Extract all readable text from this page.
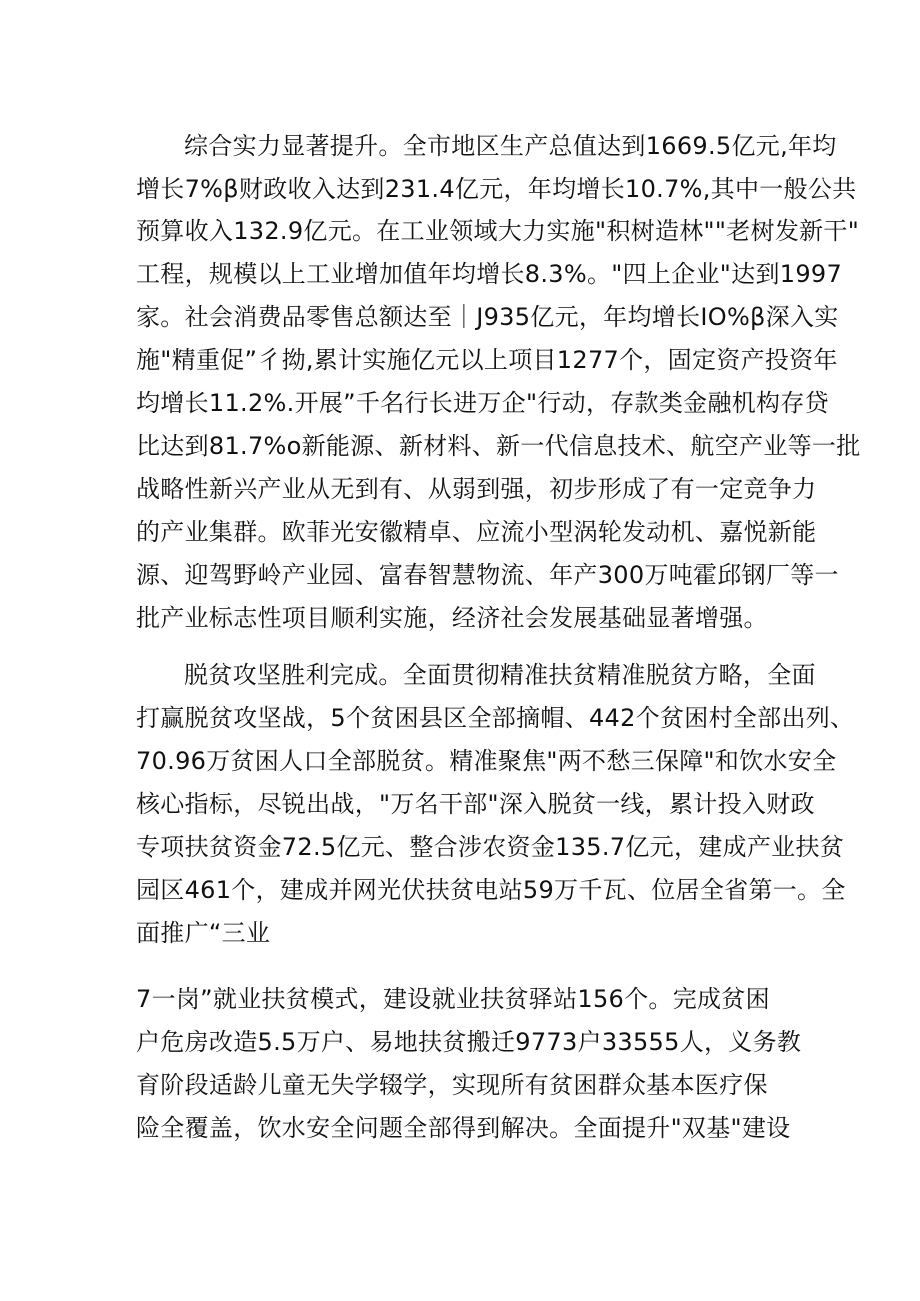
综合实力显著提升。全市地区生产总值达到1669.5亿元,年均
增长7%β财政收入达到231.4亿元，年均增长10.7%,其中一般公共
预算收入132.9亿元。在工业领域大力实施"积树造林""老树发新干"
工程，规模以上工业增加值年均增长8.3%。"四上企业"达到1997
家。社会消费品零售总额达至｜J935亿元，年均增长IO%β深入实
施"精重促”彳拗,累计实施亿元以上项目1277个，固定资产投资年
均增长11.2%.开展”千名行长进万企"行动，存款类金融机构存贷
比达到81.7%o新能源、新材料、新一代信息技术、航空产业等一批
战略性新兴产业从无到有、从弱到强，初步形成了有一定竞争力
的产业集群。欧菲光安徽精卓、应流小型涡轮发动机、嘉悦新能
源、迎驾野岭产业园、富春智慧物流、年产300万吨霍邱钢厂等一
批产业标志性项目顺利实施，经济社会发展基础显著增强。
脱贫攻坚胜利完成。全面贯彻精准扶贫精准脱贫方略，全面
打赢脱贫攻坚战，5个贫困县区全部摘帽、442个贫困村全部出列、
70.96万贫困人口全部脱贫。精准聚焦"两不愁三保障"和饮水安全
核心指标，尽锐出战，"万名干部"深入脱贫一线，累计投入财政
专项扶贫资金72.5亿元、整合涉农资金135.7亿元，建成产业扶贫
园区461个，建成并网光伏扶贫电站59万千瓦、位居全省第一。全
面推广“三业
7一岗”就业扶贫模式，建设就业扶贫驿站156个。完成贫困
户危房改造5.5万户、易地扶贫搬迁9773户33555人，义务教
育阶段适龄儿童无失学辍学，实现所有贫困群众基本医疗保
险全覆盖，饮水安全问题全部得到解决。全面提升"双基"建设
